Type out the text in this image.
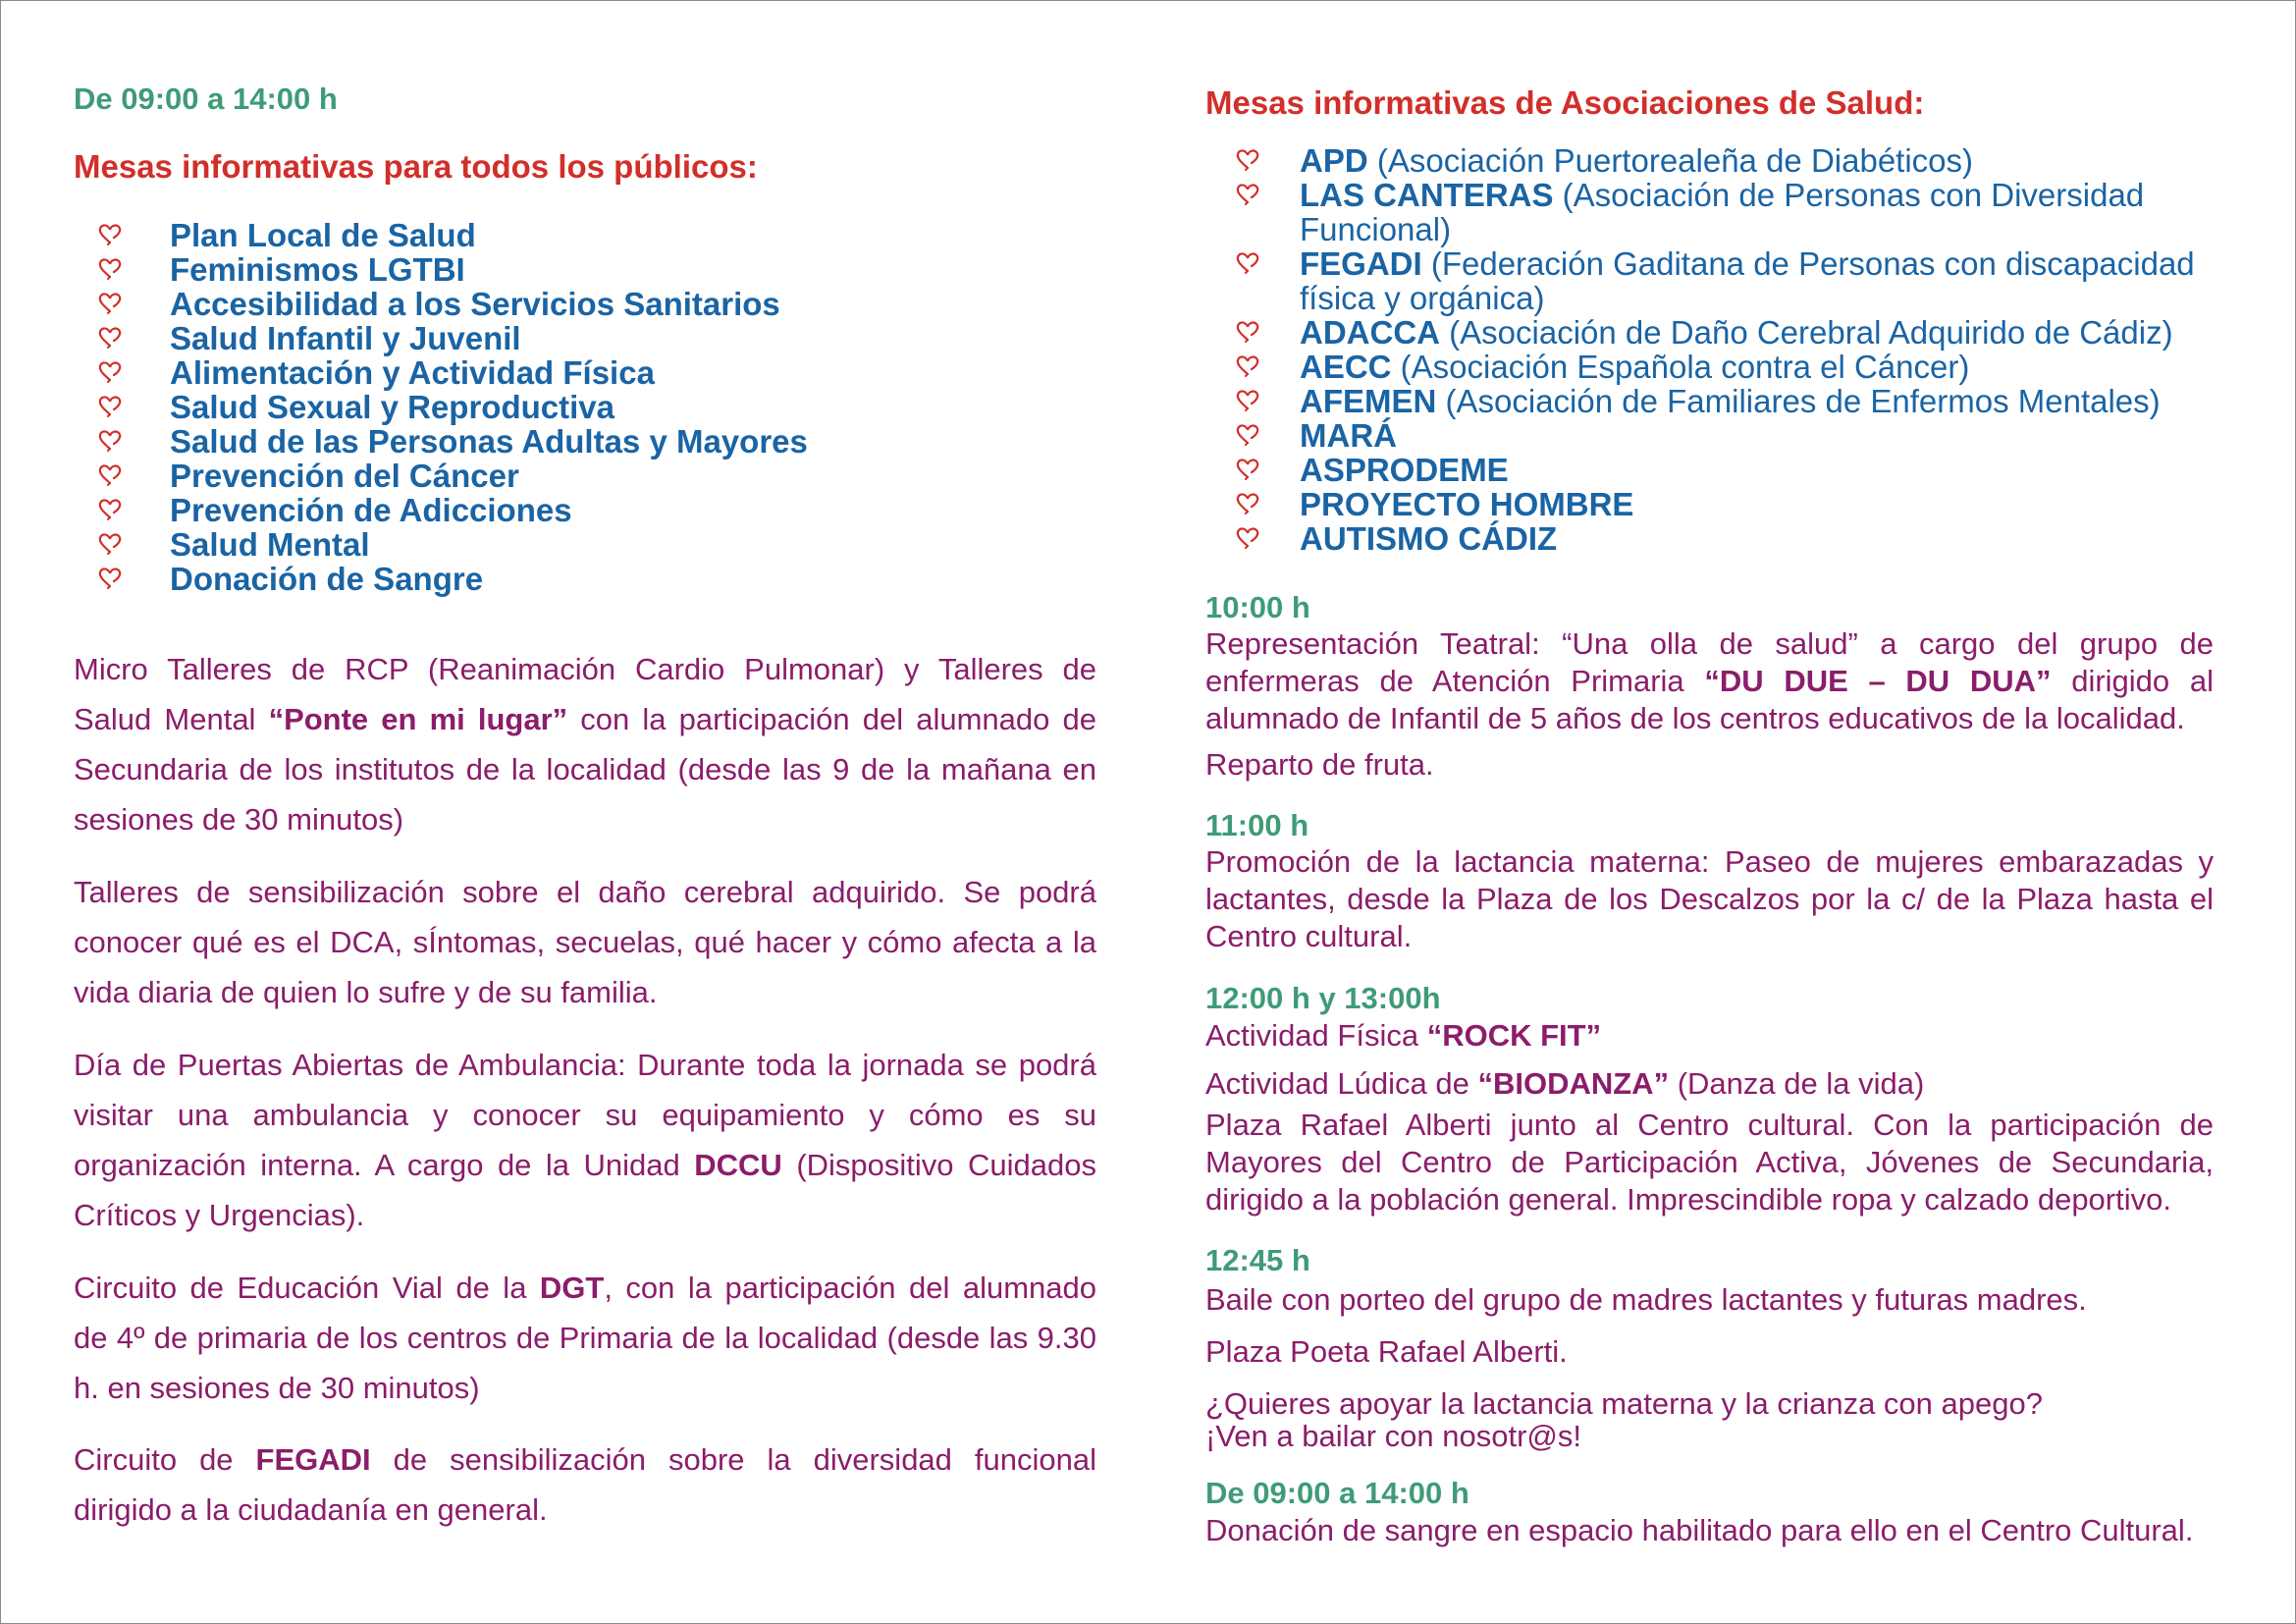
De 09:00 a 14:00 h
Mesas informativas para todos los públicos:
Plan Local de Salud
Feminismos LGTBI
Accesibilidad a los Servicios Sanitarios
Salud Infantil y Juvenil
Alimentación y Actividad Física
Salud Sexual y Reproductiva
Salud de las Personas Adultas y Mayores
Prevención del Cáncer
Prevención de Adicciones
Salud Mental
Donación de Sangre
Micro Talleres de RCP (Reanimación Cardio Pulmonar) y Talleres de
Salud Mental “Ponte en mi lugar” con la participación del alumnado de
Secundaria de los institutos de la localidad (desde las 9 de la mañana en
sesiones de 30 minutos)
Talleres de sensibilización sobre el daño cerebral adquirido. Se podrá
conocer qué es el DCA, sÍntomas, secuelas, qué hacer y cómo afecta a la
vida diaria de quien lo sufre y de su familia.
Día de Puertas Abiertas de Ambulancia: Durante toda la jornada se podrá
visitar una ambulancia y conocer su equipamiento y cómo es su
organización interna. A cargo de la Unidad DCCU (Dispositivo Cuidados
Críticos y Urgencias).
Circuito de Educación Vial de la DGT, con la participación del alumnado
de 4º de primaria de los centros de Primaria de la localidad (desde las 9.30
h. en sesiones de 30 minutos)
Circuito de FEGADI de sensibilización sobre la diversidad funcional
dirigido a la ciudadanía en general.
Mesas informativas de Asociaciones de Salud:
APD (Asociación Puertorealeña de Diabéticos)
LAS CANTERAS (Asociación de Personas con Diversidad
Funcional)
FEGADI (Federación Gaditana de Personas con discapacidad
física y orgánica)
ADACCA (Asociación de Daño Cerebral Adquirido de Cádiz)
AECC (Asociación Española contra el Cáncer)
AFEMEN (Asociación de Familiares de Enfermos Mentales)
MARÁ
ASPRODEME
PROYECTO HOMBRE
AUTISMO CÁDIZ
10:00 h
Representación Teatral: “Una olla de salud” a cargo del grupo de
enfermeras de Atención Primaria “DU DUE – DU DUA” dirigido al
alumnado de Infantil de 5 años de los centros educativos de la localidad.
Reparto de fruta.
11:00 h
Promoción de la lactancia materna: Paseo de mujeres embarazadas y
lactantes, desde la Plaza de los Descalzos por la c/ de la Plaza hasta el
Centro cultural.
12:00 h y 13:00h
Actividad Física “ROCK FIT”
Actividad Lúdica de “BIODANZA” (Danza de la vida)
Plaza Rafael Alberti junto al Centro cultural. Con la participación de
Mayores del Centro de Participación Activa, Jóvenes de Secundaria,
dirigido a la población general. Imprescindible ropa y calzado deportivo.
12:45 h
Baile con porteo del grupo de madres lactantes y futuras madres.
Plaza Poeta Rafael Alberti.
¿Quieres apoyar la lactancia materna y la crianza con apego?
¡Ven a bailar con nosotr@s!
De 09:00 a 14:00 h
Donación de sangre en espacio habilitado para ello en el Centro Cultural.
